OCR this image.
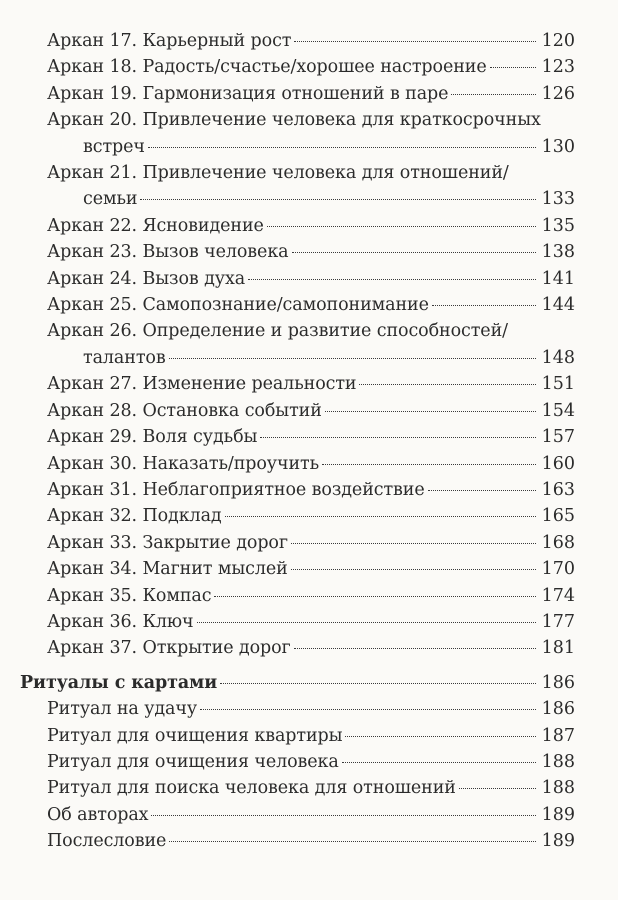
Аркан 17. Карьерный рост	120
Аркан 18. Радость/счастье/хорошее настроение	123
Аркан 19. Гармонизация отношений в паре	126
Аркан 20. Привлечение человека для краткосрочных
встреч	130
Аркан 21. Привлечение человека для отношений/
семьи	133
Аркан 22. Ясновидение	135
Аркан 23. Вызов человека	138
Аркан 24. Вызов духа	141
Аркан 25. Самопознание/самопонимание	144
Аркан 26. Определение и развитие способностей/
талантов	148
Аркан 27. Изменение реальности	151
Аркан 28. Остановка событий	154
Аркан 29. Воля судьбы	157
Аркан 30. Наказать/проучить	160
Аркан 31. Неблагоприятное воздействие	163
Аркан 32. Подклад	165
Аркан 33. Закрытие дорог	168
Аркан 34. Магнит мыслей	170
Аркан 35. Компас	174
Аркан 36. Ключ	177
Аркан 37. Открытие дорог	181
Ритуалы с картами	186
Ритуал на удачу	186
Ритуал для очищения квартиры	187
Ритуал для очищения человека	188
Ритуал для поиска человека для отношений	188
Об авторах	189
Послесловие	189
